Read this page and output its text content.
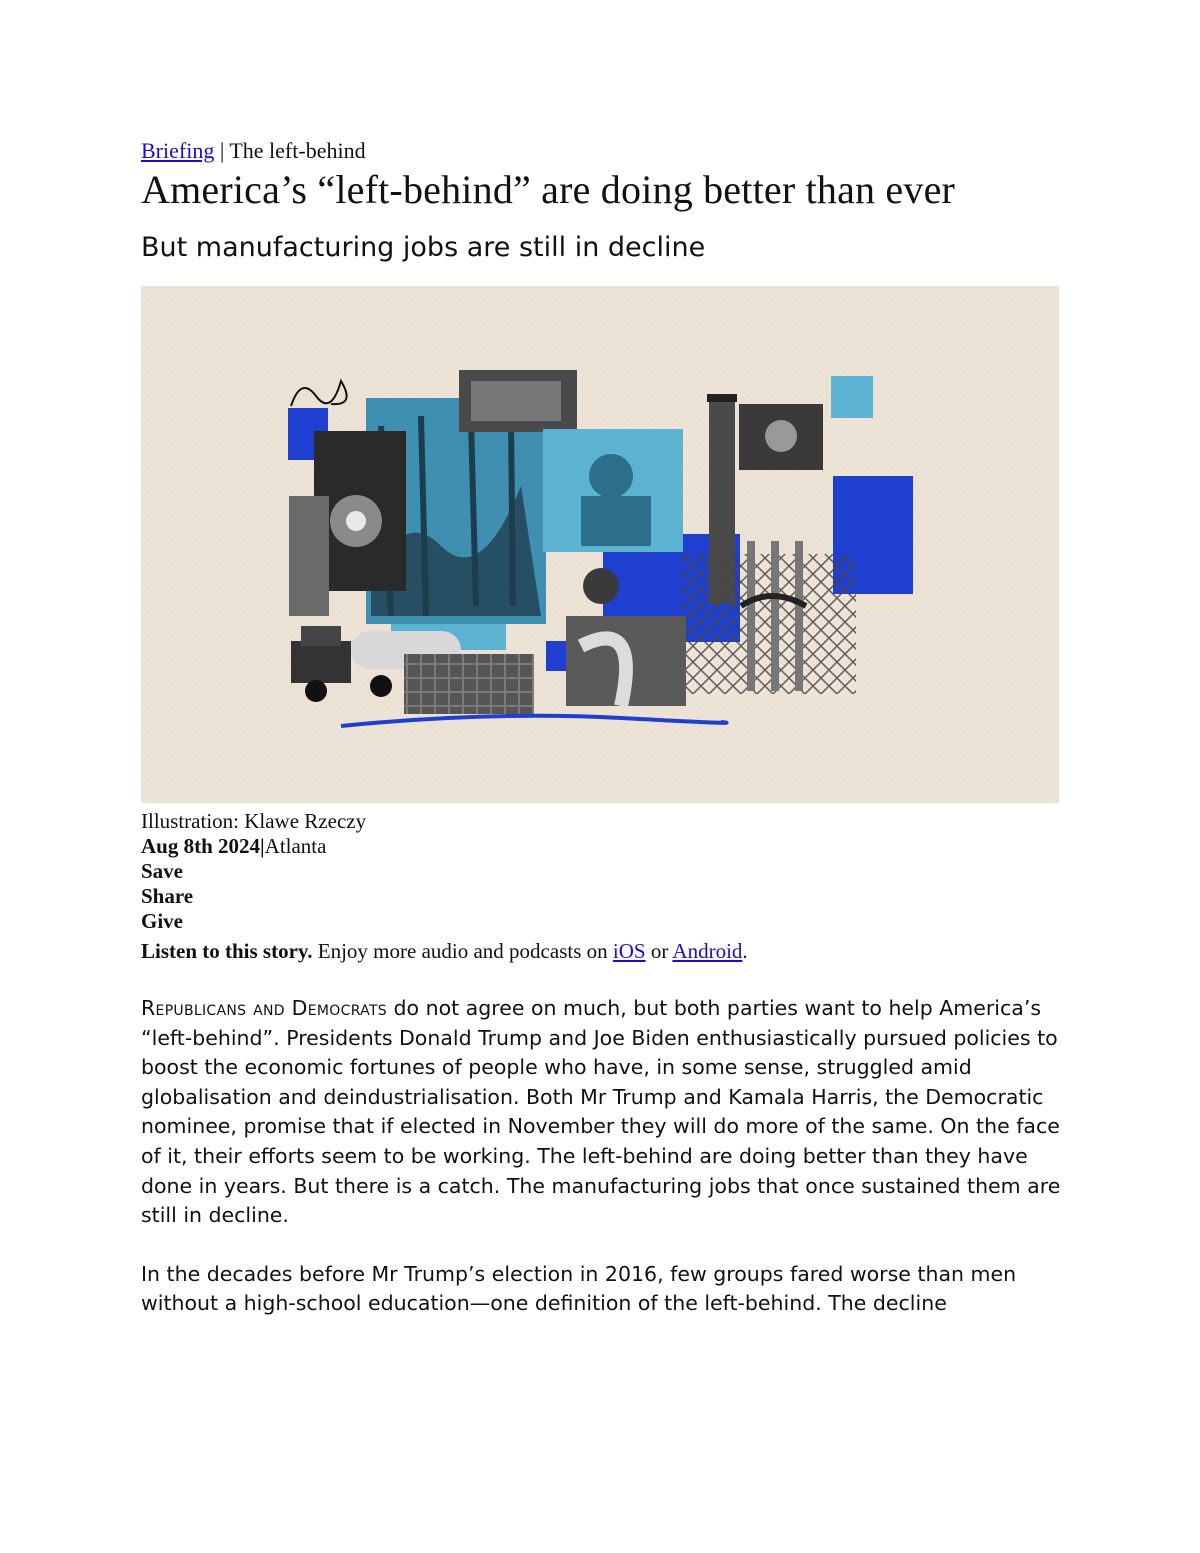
Briefing | The left-behind

America’s “left-behind” are doing better than ever
But manufacturing jobs are still in decline
Illustration: Klawe Rzeczy
Aug 8th 2024|Atlanta
Save
Share
Give
Listen to this story. Enjoy more audio and podcasts on iOS or Android.

Republicans and Democrats do not agree on much, but both parties want to help America’s “left-behind”. Presidents Donald Trump and Joe Biden enthusiastically pursued policies to boost the economic fortunes of people who have, in some sense, struggled amid globalisation and deindustrialisation. Both Mr Trump and Kamala Harris, the Democratic nominee, promise that if elected in November they will do more of the same. On the face of it, their efforts seem to be working. The left-behind are doing better than they have done in years. But there is a catch. The manufacturing jobs that once sustained them are still in decline.

In the decades before Mr Trump’s election in 2016, few groups fared worse than men without a high-school education—one definition of the left-behind. The decline
